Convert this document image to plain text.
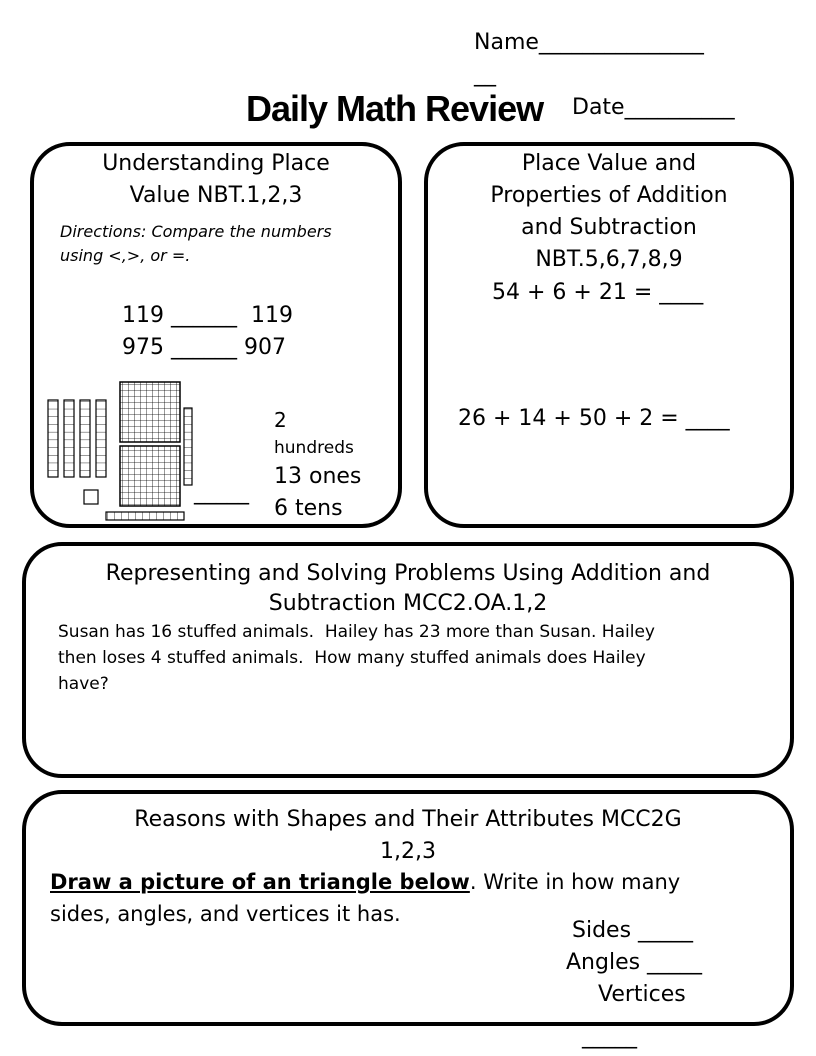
Name_______________
__
Daily Math Review Date__________
Understanding Place
Value NBT.1,2,3
Directions: Compare the numbers
using <,>, or =.
119 ______  119
975 ______ 907
2
hundreds
13 ones
_____
6 tens
Place Value and
Properties of Addition
and Subtraction
NBT.5,6,7,8,9
54 + 6 + 21 = ____
26 + 14 + 50 + 2 = ____
Representing and Solving Problems Using Addition and
Subtraction MCC2.OA.1,2
Susan has 16 stuffed animals.  Hailey has 23 more than Susan. Hailey
then loses 4 stuffed animals.  How many stuffed animals does Hailey
have?
Reasons with Shapes and Their Attributes MCC2G
1,2,3
Draw a picture of an triangle below. Write in how many
sides, angles, and vertices it has.
Sides _____
Angles _____
Vertices
_____
